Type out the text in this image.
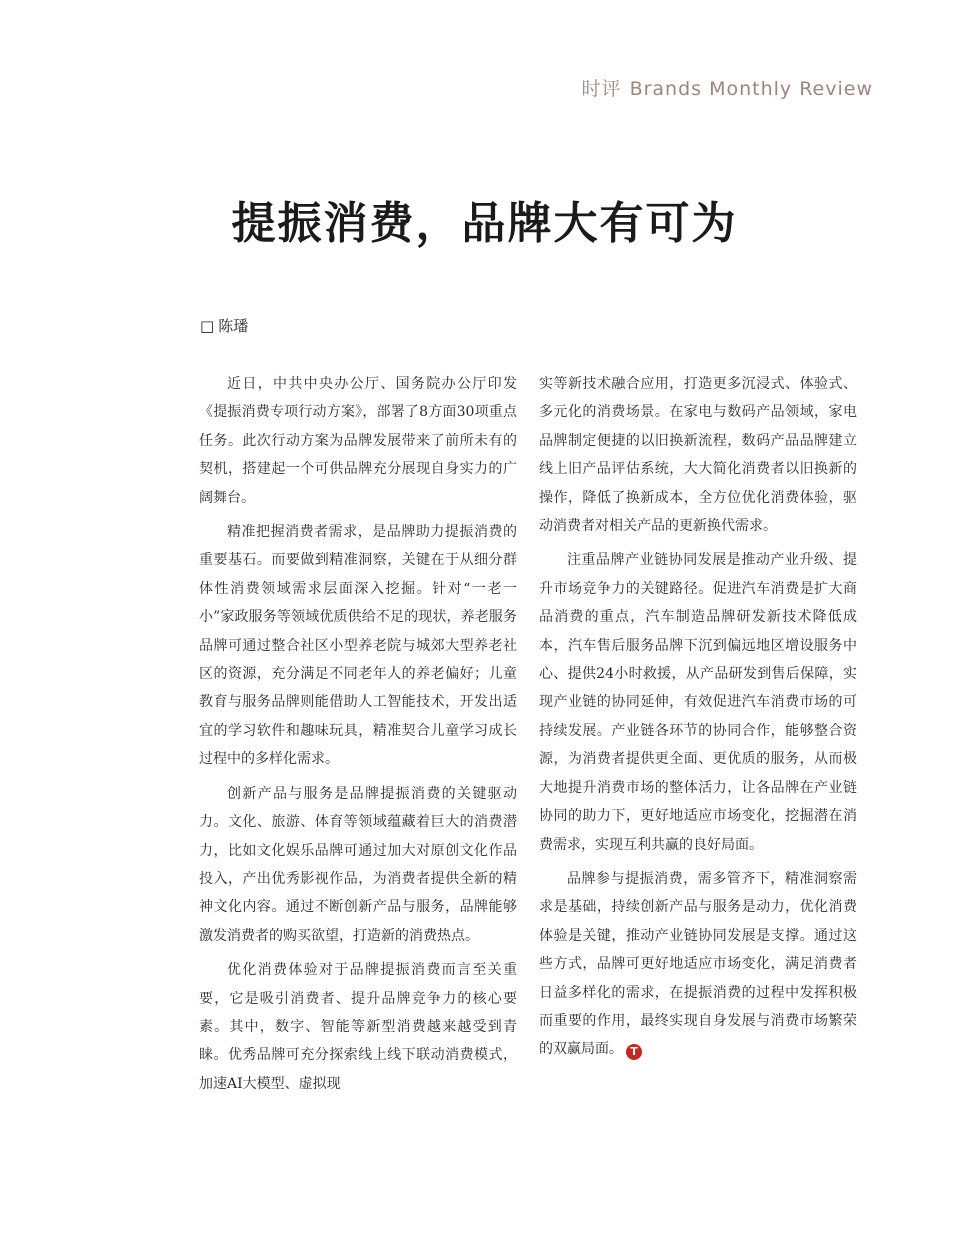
时评 Brands Monthly Review
提振消费，品牌大有可为
□ 陈璠

近日，中共中央办公厅、国务院办公厅印发《提振消费专项行动方案》，部署了8方面30项重点任务。此次行动方案为品牌发展带来了前所未有的契机，搭建起一个可供品牌充分展现自身实力的广阔舞台。

精准把握消费者需求，是品牌助力提振消费的重要基石。而要做到精准洞察，关键在于从细分群体性消费领域需求层面深入挖掘。针对“一老一小”家政服务等领域优质供给不足的现状，养老服务品牌可通过整合社区小型养老院与城郊大型养老社区的资源，充分满足不同老年人的养老偏好；儿童教育与服务品牌则能借助人工智能技术，开发出适宜的学习软件和趣味玩具，精准契合儿童学习成长过程中的多样化需求。

创新产品与服务是品牌提振消费的关键驱动力。文化、旅游、体育等领域蕴藏着巨大的消费潜力，比如文化娱乐品牌可通过加大对原创文化作品投入，产出优秀影视作品，为消费者提供全新的精神文化内容。通过不断创新产品与服务，品牌能够激发消费者的购买欲望，打造新的消费热点。

优化消费体验对于品牌提振消费而言至关重要，它是吸引消费者、提升品牌竞争力的核心要素。其中，数字、智能等新型消费越来越受到青睐。优秀品牌可充分探索线上线下联动消费模式，加速AI大模型、虚拟现

实等新技术融合应用，打造更多沉浸式、体验式、多元化的消费场景。在家电与数码产品领域，家电品牌制定便捷的以旧换新流程，数码产品品牌建立线上旧产品评估系统，大大简化消费者以旧换新的操作，降低了换新成本，全方位优化消费体验，驱动消费者对相关产品的更新换代需求。

注重品牌产业链协同发展是推动产业升级、提升市场竞争力的关键路径。促进汽车消费是扩大商品消费的重点，汽车制造品牌研发新技术降低成本，汽车售后服务品牌下沉到偏远地区增设服务中心、提供24小时救援，从产品研发到售后保障，实现产业链的协同延伸，有效促进汽车消费市场的可持续发展。产业链各环节的协同合作，能够整合资源，为消费者提供更全面、更优质的服务，从而极大地提升消费市场的整体活力，让各品牌在产业链协同的助力下，更好地适应市场变化，挖掘潜在消费需求，实现互利共赢的良好局面。

品牌参与提振消费，需多管齐下，精准洞察需求是基础，持续创新产品与服务是动力，优化消费体验是关键，推动产业链协同发展是支撑。通过这些方式，品牌可更好地适应市场变化，满足消费者日益多样化的需求，在提振消费的过程中发挥积极而重要的作用，最终实现自身发展与消费市场繁荣的双赢局面。 T
